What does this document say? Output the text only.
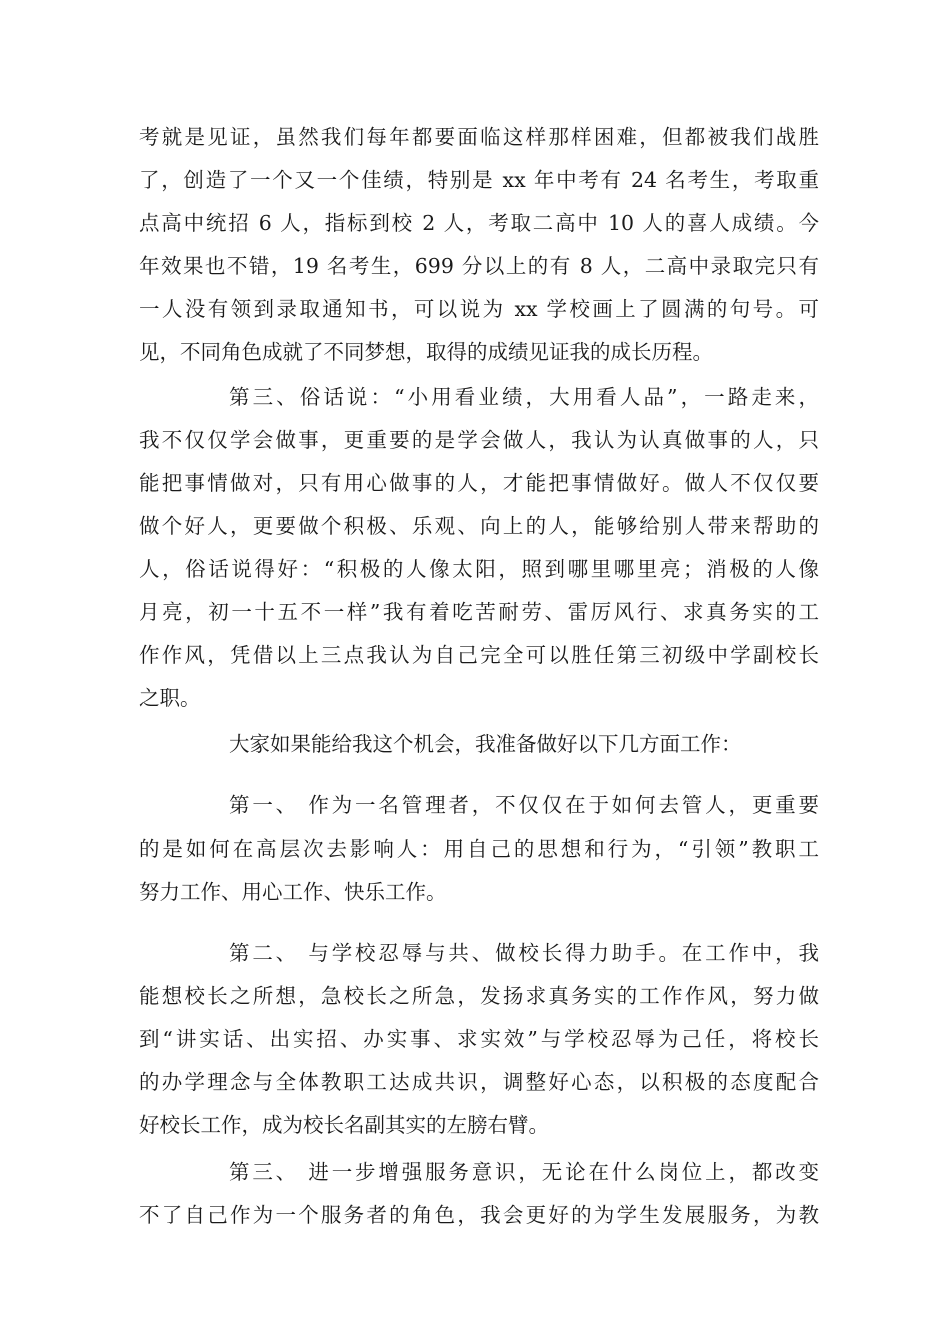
考就是见证，虽然我们每年都要面临这样那样困难，但都被我们战胜
了，创造了一个又一个佳绩，特别是 xx 年中考有 24 名考生，考取重
点高中统招 6 人，指标到校 2 人，考取二高中 10 人的喜人成绩。今
年效果也不错，19 名考生，699 分以上的有 8 人，二高中录取完只有
一人没有领到录取通知书，可以说为 xx 学校画上了圆满的句号。可
见，不同角色成就了不同梦想，取得的成绩见证我的成长历程。
第三、俗话说：“小用看业绩，大用看人品”，一路走来，
我不仅仅学会做事，更重要的是学会做人，我认为认真做事的人，只
能把事情做对，只有用心做事的人，才能把事情做好。做人不仅仅要
做个好人，更要做个积极、乐观、向上的人，能够给别人带来帮助的
人，俗话说得好：“积极的人像太阳，照到哪里哪里亮；消极的人像
月亮，初一十五不一样”我有着吃苦耐劳、雷厉风行、求真务实的工
作作风，凭借以上三点我认为自己完全可以胜任第三初级中学副校长
之职。
大家如果能给我这个机会，我准备做好以下几方面工作：
第一、 作为一名管理者，不仅仅在于如何去管人，更重要
的是如何在高层次去影响人：用自己的思想和行为，“引领”教职工
努力工作、用心工作、快乐工作。
第二、 与学校忍辱与共、做校长得力助手。在工作中，我
能想校长之所想，急校长之所急，发扬求真务实的工作作风，努力做
到“讲实话、出实招、办实事、求实效”与学校忍辱为己任，将校长
的办学理念与全体教职工达成共识，调整好心态，以积极的态度配合
好校长工作，成为校长名副其实的左膀右臂。
第三、 进一步增强服务意识，无论在什么岗位上，都改变
不了自己作为一个服务者的角色，我会更好的为学生发展服务，为教
